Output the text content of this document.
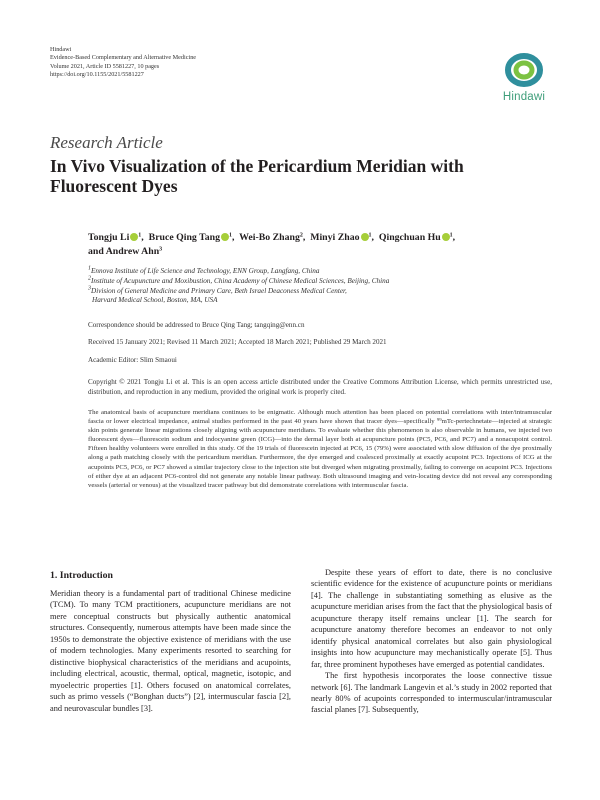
Hindawi
Evidence-Based Complementary and Alternative Medicine
Volume 2021, Article ID 5581227, 10 pages
https://doi.org/10.1155/2021/5581227
Hindawi
Research Article
In Vivo Visualization of the Pericardium Meridian with Fluorescent Dyes
Tongju Li $^1$,  Bruce Qing Tang $^1$,  Wei-Bo Zhang$^2$,  Minyi Zhao $^1$,  Qingchuan Hu $^1$,
and Andrew Ahn$^3$
$^1$Ennova Institute of Life Science and Technology, ENN Group, Langfang, China
$^2$Institute of Acupuncture and Moxibustion, China Academy of Chinese Medical Sciences, Beijing, China
$^3$Division of General Medicine and Primary Care, Beth Israel Deaconess Medical Center,
Harvard Medical School, Boston, MA, USA
Correspondence should be addressed to Bruce Qing Tang; tangqing@enn.cn
Received 15 January 2021; Revised 11 March 2021; Accepted 18 March 2021; Published 29 March 2021
Academic Editor: Slim Smaoui
Copyright © 2021 Tongju Li et al. This is an open access article distributed under the Creative Commons Attribution License, which permits unrestricted use, distribution, and reproduction in any medium, provided the original work is properly cited.
The anatomical basis of acupuncture meridians continues to be enigmatic. Although much attention has been placed on potential correlations with inter/intramuscular fascia or lower electrical impedance, animal studies performed in the past 40 years have shown that tracer dyes—specifically ⁹⁹mTc-pertechnetate—injected at strategic skin points generate linear migrations closely aligning with acupuncture meridians. To evaluate whether this phenomenon is also observable in humans, we injected two fluorescent dyes—fluorescein sodium and indocyanine green (ICG)—into the dermal layer both at acupuncture points (PC5, PC6, and PC7) and a nonacupoint control. Fifteen healthy volunteers were enrolled in this study. Of the 19 trials of fluorescein injected at PC6, 15 (79%) were associated with slow diffusion of the dye proximally along a path matching closely with the pericardium meridian. Furthermore, the dye emerged and coalesced proximally at exactly acupoint PC3. Injections of ICG at the acupoints PC5, PC6, or PC7 showed a similar trajectory close to the injection site but diverged when migrating proximally, failing to converge on acupoint PC3. Injections of either dye at an adjacent PC6-control did not generate any notable linear pathway. Both ultrasound imaging and vein-locating device did not reveal any corresponding vessels (arterial or venous) at the visualized tracer pathway but did demonstrate correlations with intermuscular fascia.
1. Introduction

Meridian theory is a fundamental part of traditional Chinese medicine (TCM). To many TCM practitioners, acupuncture meridians are not mere conceptual constructs but physically authentic anatomical structures. Consequently, numerous attempts have been made since the 1950s to demonstrate the objective existence of meridians with the use of modern technologies. Many experiments resorted to searching for distinctive biophysical characteristics of the meridians and acupoints, including electrical, acoustic, thermal, optical, magnetic, isotopic, and myoelectric properties [1]. Others focused on anatomical correlates, such as primo vessels (“Bonghan ducts”) [2], intermuscular fascia [2], and neurovascular bundles [3].

Despite these years of effort to date, there is no conclusive scientific evidence for the existence of acupuncture points or meridians [4]. The challenge in substantiating something as elusive as the acupuncture meridian arises from the fact that the physiological basis of acupuncture therapy itself remains unclear [1]. The search for acupuncture anatomy therefore becomes an endeavor to not only identify physical anatomical correlates but also gain physiological insights into how acupuncture may mechanistically operate [5]. Thus far, three prominent hypotheses have emerged as potential candidates.

The first hypothesis incorporates the loose connective tissue network [6]. The landmark Langevin et al.’s study in 2002 reported that nearly 80% of acupoints corresponded to intermuscular/intramuscular fascial planes [7]. Subsequently,
